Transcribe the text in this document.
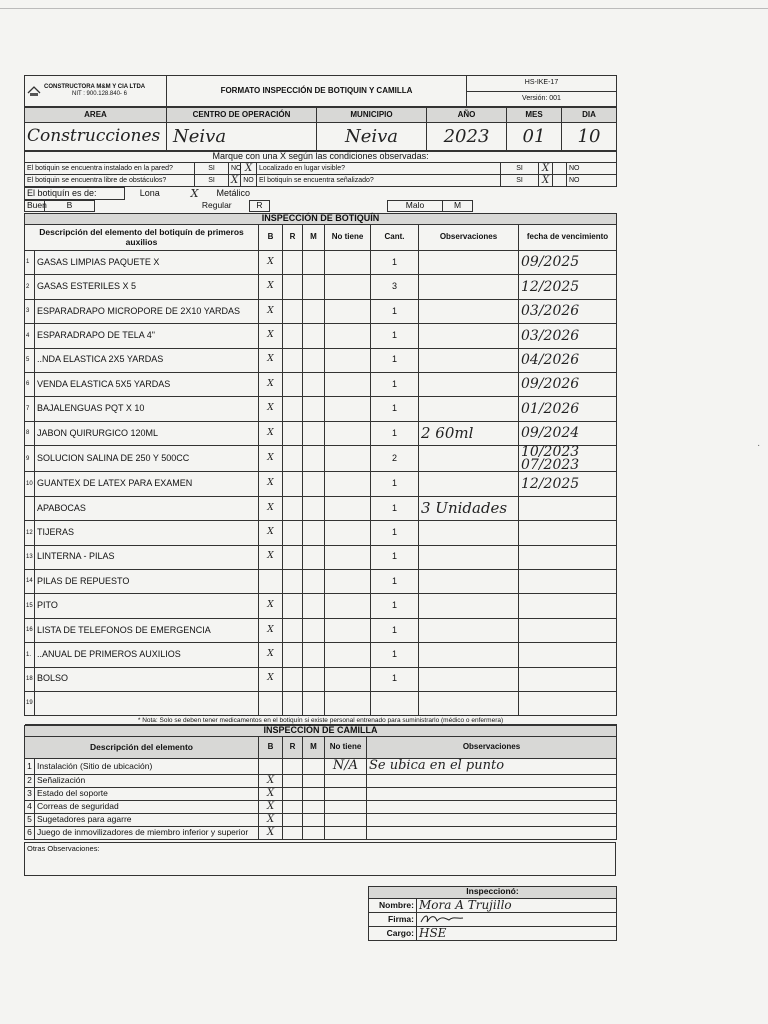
CONSTRUCTORA M&M Y CIA LTDA
NIT : 900.128.840- 6	FORMATO INSPECCIÓN DE BOTIQUIN Y CAMILLA	HS-IKE-17
Versión: 001
AREA	CENTRO DE OPERACIÓN	MUNICIPIO	AÑO	MES	DIA
Construcciones	Neiva	Neiva	2023	01	10
Marque con una X según las condiciones observadas:								
El botiquin se encuentra instalado en la pared?	SI	NO	X	Localizado en lugar visible?	SI	X		NO
El botiquin se encuentra libre de obstáculos?	SI	X	NO	El botiquín se encuentra señalizado?	SI	X		NO
El botiquín es de:	Lona	X	Metálico	
Buen	B		Regular	R		Malo	M	
INSPECCIÓN DE BOTIQUÍN								
Descripción del elemento del botiquín de primeros auxilios		B	R	M	No tiene	Cant.	Observaciones	fecha de vencimiento
1	GASAS LIMPIAS PAQUETE X	X				1		09/2025
2	GASAS ESTERILES X 5	X				3		12/2025
3	ESPARADRAPO MICROPORE DE 2X10 YARDAS	X				1		03/2026
4	ESPARADRAPO DE TELA 4"	X				1		03/2026
5	..NDA ELASTICA 2X5 YARDAS	X				1		04/2026
6	VENDA ELASTICA 5X5 YARDAS	X				1		09/2026
7	BAJALENGUAS PQT X 10	X				1		01/2026
8	JABON QUIRURGICO 120ML	X				1	2 60ml	09/2024
9	SOLUCION SALINA DE 250 Y 500CC	X				2		10/2023 07/2023
10	GUANTEX DE LATEX PARA EXAMEN	X				1		12/2025
	APABOCAS	X				1	3 Unidades	
12	TIJERAS	X				1		
13	LINTERNA - PILAS	X				1		
14	PILAS DE REPUESTO					1		
15	PITO	X				1		
16	LISTA DE TELEFONOS DE EMERGENCIA	X				1		
1.	..ANUAL DE PRIMEROS AUXILIOS	X				1		
18	BOLSO	X				1		
19								
* Nota: Solo se deben tener medicamentos en el botiquín si existe personal entrenado para suministrarlo (médico o enfermera)								
INSPECCIÓN DE CAMILLA						
Descripción del elemento		B	R	M	No tiene	Observaciones
1	Instalación (Sitio de ubicación)				N/A	Se ubica en el punto
2	Señalización	X				
3	Estado del soporte	X				
4	Correas de seguridad	X				
5	Sugetadores para agarre	X				
6	Juego de inmovilizadores de miembro inferior y superior	X				
Otras Observaciones:
Inspeccionó:	
Nombre:	Mora A Trujillo
Firma:	
Cargo:	HSE
·
